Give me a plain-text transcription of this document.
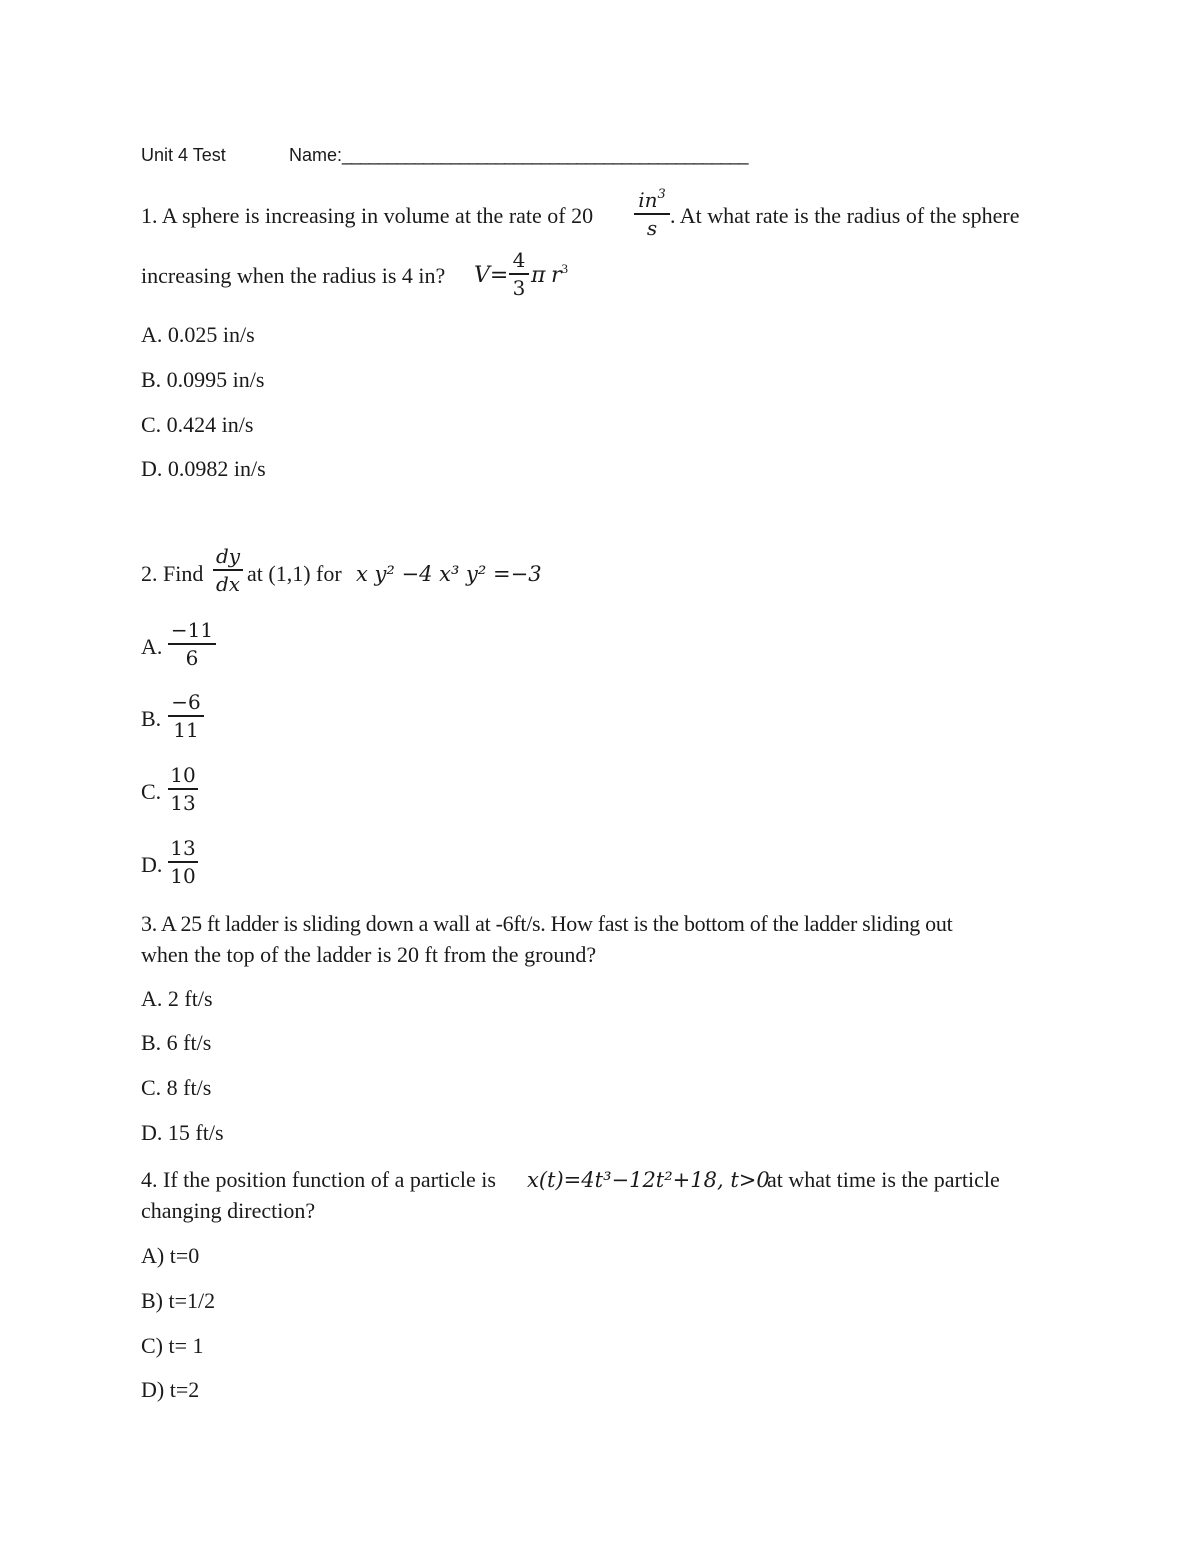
Unit 4 Test	Name:_____________________________________________
1. A sphere is increasing in volume at the rate of 20
$in^3$
s . At what rate is the radius of the sphere
increasing when the radius is 4 in? V=
4
3 π $r^3$
A. 0.025 in/s
B. 0.0995 in/s
C. 0.424 in/s
D. 0.0982 in/s
2. Find
dy
dx at (1,1) for x y² −4 x³ y² =−3
A.
−11
6
B.
−6
11
C.
10
13
D.
13
10
3. A 25 ft ladder is sliding down a wall at -6ft/s. How fast is the bottom of the ladder sliding out
when the top of the ladder is 20 ft from the ground?
A. 2 ft/s
B. 6 ft/s
C. 8 ft/s
D. 15 ft/s
4. If the position function of a particle is x(t)=4t³−12t²+18, t>0
at what time is the particle
changing direction?
A) t=0
B) t=1/2
C) t= 1
D) t=2
